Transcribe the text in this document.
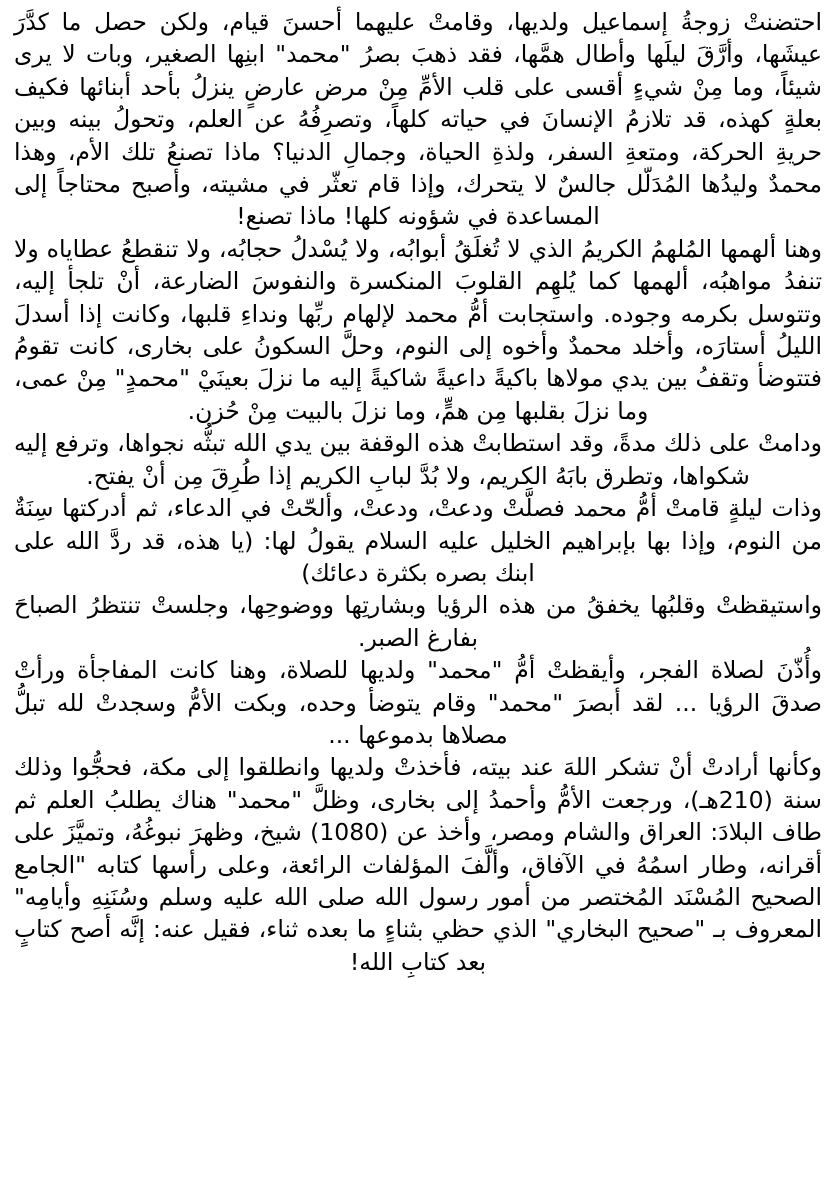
احتضنتْ زوجةُ إسماعيل ولديها، وقامتْ عليهما أحسنَ قيام، ولكن حصل ما كدَّرَ عيشَها، وأرَّقَ ليلَها وأطال همَّها، فقد ذهبَ بصرُ "محمد" ابنِها الصغير، وبات لا يرى شيئاً، وما مِنْ شيءٍ أقسى على قلب الأمِّ مِنْ مرض عارضٍ ينزلُ بأحد أبنائها فكيف بعلةٍ كهذه، قد تلازمُ الإنسانَ في حياته كلهاً، وتصرِفُهُ عن العلم، وتحولُ بينه وبين حريةِ الحركة، ومتعةِ السفر، ولذةِ الحياة، وجمالِ الدنيا؟ ماذا تصنعُ تلك الأم، وهذا محمدٌ وليدُها المُدَلّل جالسٌ لا يتحرك، وإذا قام تعثّر في مشيته، وأصبح محتاجاً إلى المساعدة في شؤونه كلها! ماذا تصنع!

وهنا ألهمها المُلهمُ الكريمُ الذي لا تُغلَقُ أبوابُه، ولا يُسْدلُ حجابُه، ولا تنقطعُ عطاياه ولا تنفدُ مواهبُه، ألهمها كما يُلهِم القلوبَ المنكسرة والنفوسَ الضارعة، أنْ تلجأ إليه، وتتوسل بكرمه وجوده. واستجابت أمُّ محمد لإلهام ربِّها ونداءِ قلبها، وكانت إذا أسدلَ الليلُ أستارَه، وأخلد محمدٌ وأخوه إلى النوم، وحلَّ السكونُ على بخارى، كانت تقومُ فتتوضأ وتقفُ بين يدي مولاها باكيةً داعيةً شاكيةً إليه ما نزلَ بعينَيْ "محمدٍ" مِنْ عمى، وما نزلَ بقلبها مِن همٍّ، وما نزلَ بالبيت مِنْ حُزن.

ودامتْ على ذلك مدةً، وقد استطابتْ هذه الوقفة بين يدي الله تبثُّه نجواها، وترفع إليه شكواها، وتطرق بابَهُ الكريم، ولا بُدَّ لبابِ الكريم إذا طُرِقَ مِن أنْ يفتح.

وذات ليلةٍ قامتْ أمُّ محمد فصلَّتْ ودعتْ، ودعتْ، وألحّتْ في الدعاء، ثم أدركتها سِنَةٌ من النوم، وإذا بها بإبراهيم الخليل عليه السلام يقولُ لها: (يا هذه، قد ردَّ الله على ابنك بصره بكثرة دعائك)

واستيقظتْ وقلبُها يخفقُ من هذه الرؤيا وبشارتِها ووضوحِها، وجلستْ تنتظرُ الصباحَ بفارغ الصبر.

وأُذّنَ لصلاة الفجر، وأيقظتْ أمُّ "محمد" ولديها للصلاة، وهنا كانت المفاجأة ورأتْ صدقَ الرؤيا ... لقد أبصرَ "محمد" وقام يتوضأ وحده، وبكت الأمُّ وسجدتْ لله تبلُّ مصلاها بدموعها ...

وكأنها أرادتْ أنْ تشكر اللهَ عند بيته، فأخذتْ ولديها وانطلقوا إلى مكة، فحجُّوا وذلك سنة (210هـ)، ورجعت الأمُّ وأحمدُ إلى بخارى، وظلَّ "محمد" هناك يطلبُ العلم ثم طاف البلادَ: العراق والشام ومصر، وأخذ عن (1080) شيخ، وظهرَ نبوغُهُ، وتميَّزَ على أقرانه، وطار اسمُهُ في الآفاق، وألَّفَ المؤلفات الرائعة، وعلى رأسها كتابه "الجامع الصحيح المُسْنَد المُختصر من أمور رسول الله صلى الله عليه وسلم وسُنَنِهِ وأيامِه" المعروف بـ "صحيح البخاري" الذي حظي بثناءٍ ما بعده ثناء، فقيل عنه: إنَّه أصح كتابٍ بعد كتابِ الله!
